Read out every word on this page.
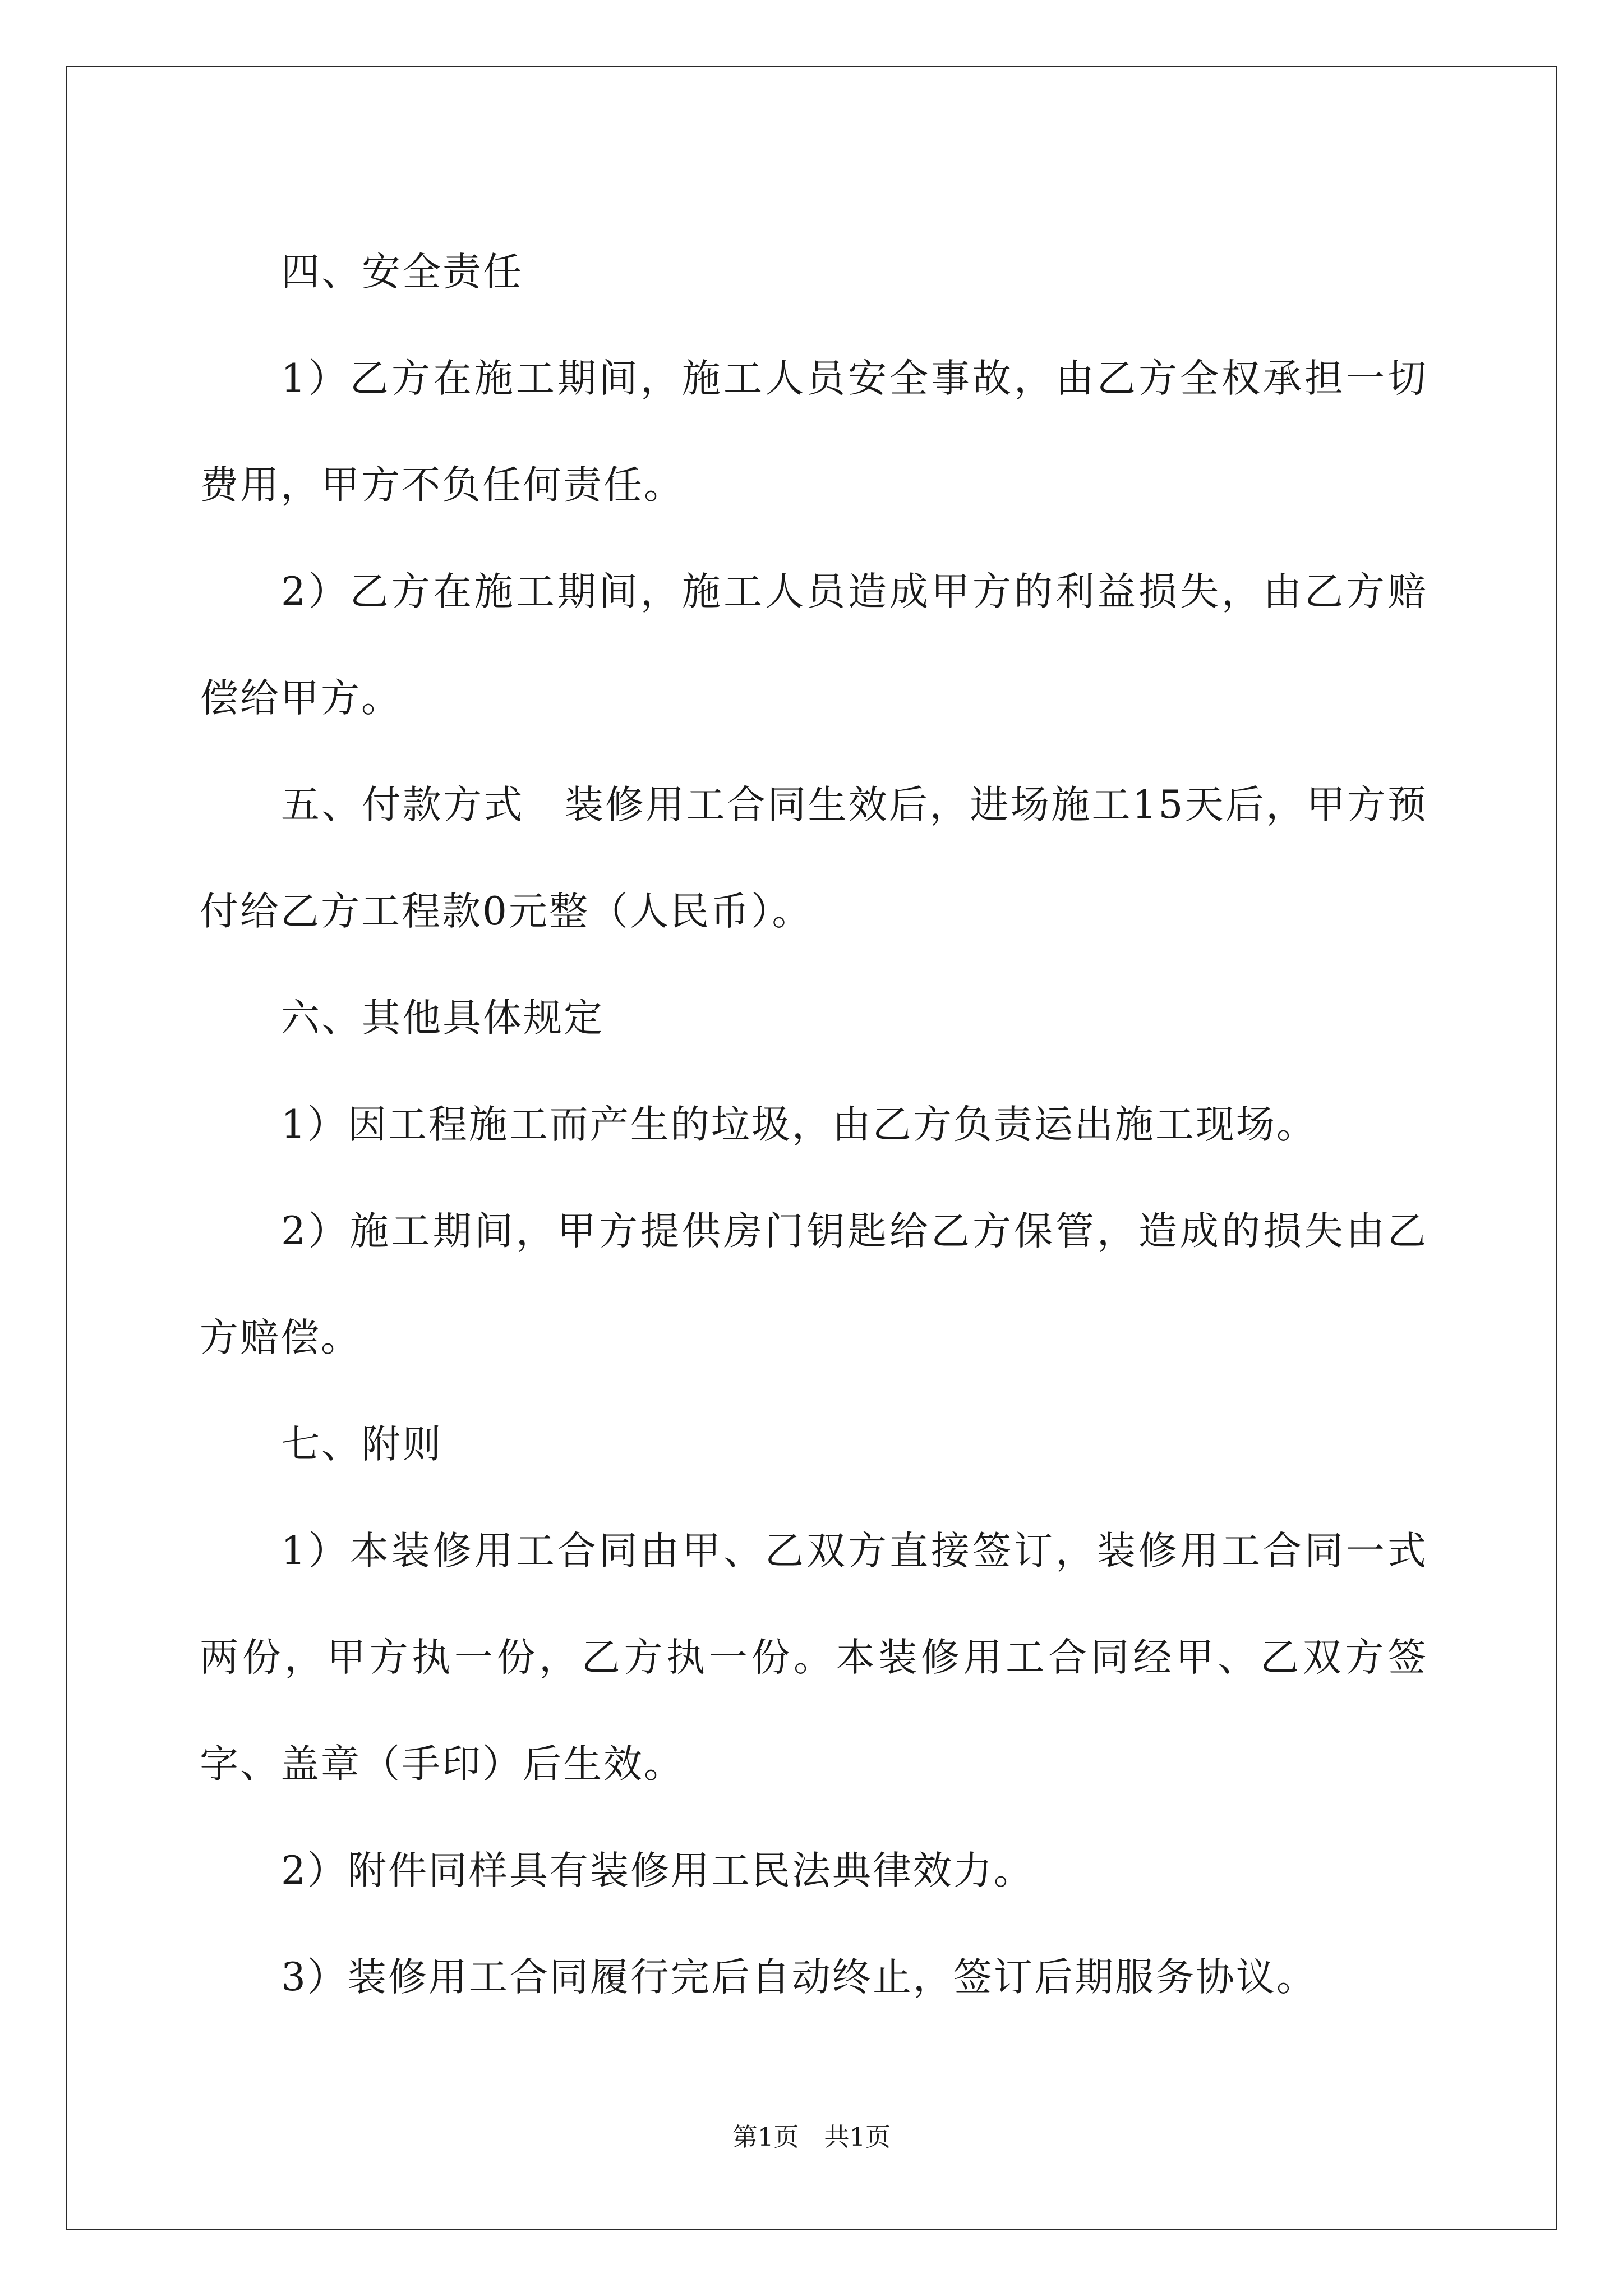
四、安全责任

1）乙方在施工期间，施工人员安全事故，由乙方全权承担一切费用，甲方不负任何责任。

2）乙方在施工期间，施工人员造成甲方的利益损失，由乙方赔偿给甲方。

五、付款方式　装修用工合同生效后，进场施工15天后，甲方预付给乙方工程款0元整（人民币）。

六、其他具体规定

1）因工程施工而产生的垃圾，由乙方负责运出施工现场。

2）施工期间，甲方提供房门钥匙给乙方保管，造成的损失由乙方赔偿。

七、附则

1）本装修用工合同由甲、乙双方直接签订，装修用工合同一式两份，甲方执一份，乙方执一份。本装修用工合同经甲、乙双方签字、盖章（手印）后生效。

2）附件同样具有装修用工民法典律效力。

3）装修用工合同履行完后自动终止，签订后期服务协议。

第1页　共1页
